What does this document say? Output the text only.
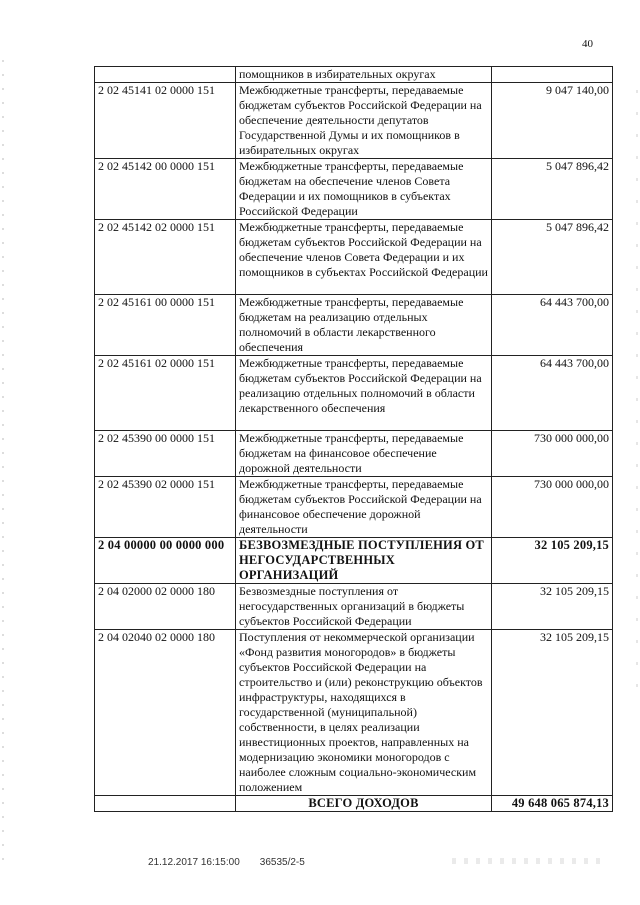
40
	помощников в избирательных округах	
2 02 45141 02 0000 151	Межбюджетные трансферты, передаваемые бюджетам субъектов Российской Федерации на обеспечение деятельности депутатов Государственной Думы и их помощников в избирательных округах	9 047 140,00
2 02 45142 00 0000 151	Межбюджетные трансферты, передаваемые бюджетам на обеспечение членов Совета Федерации и их помощников в субъектах Российской Федерации	5 047 896,42
2 02 45142 02 0000 151	Межбюджетные трансферты, передаваемые бюджетам субъектов Российской Федерации на обеспечение членов Совета Федерации и их помощников в субъектах Российской Федерации	5 047 896,42
2 02 45161 00 0000 151	Межбюджетные трансферты, передаваемые бюджетам на реализацию отдельных полномочий в области лекарственного обеспечения	64 443 700,00
2 02 45161 02 0000 151	Межбюджетные трансферты, передаваемые бюджетам субъектов Российской Федерации на реализацию отдельных полномочий в области лекарственного обеспечения	64 443 700,00
2 02 45390 00 0000 151	Межбюджетные трансферты, передаваемые бюджетам на финансовое обеспечение дорожной деятельности	730 000 000,00
2 02 45390 02 0000 151	Межбюджетные трансферты, передаваемые бюджетам субъектов Российской Федерации на финансовое обеспечение дорожной деятельности	730 000 000,00
2 04 00000 00 0000 000	БЕЗВОЗМЕЗДНЫЕ ПОСТУПЛЕНИЯ ОТ НЕГОСУДАРСТВЕННЫХ ОРГАНИЗАЦИЙ	32 105 209,15
2 04 02000 02 0000 180	Безвозмездные поступления от негосударственных организаций в бюджеты субъектов Российской Федерации	32 105 209,15
2 04 02040 02 0000 180	Поступления от некоммерческой организации «Фонд развития моногородов» в бюджеты субъектов Российской Федерации на строительство и (или) реконструкцию объектов инфраструктуры, находящихся в государственной (муниципальной) собственности, в целях реализации инвестиционных проектов, направленных на модернизацию экономики моногородов с наиболее сложным социально-экономическим положением	32 105 209,15
	ВСЕГО ДОХОДОВ	49 648 065 874,13
21.12.2017 16:15:00 36535/2-5
